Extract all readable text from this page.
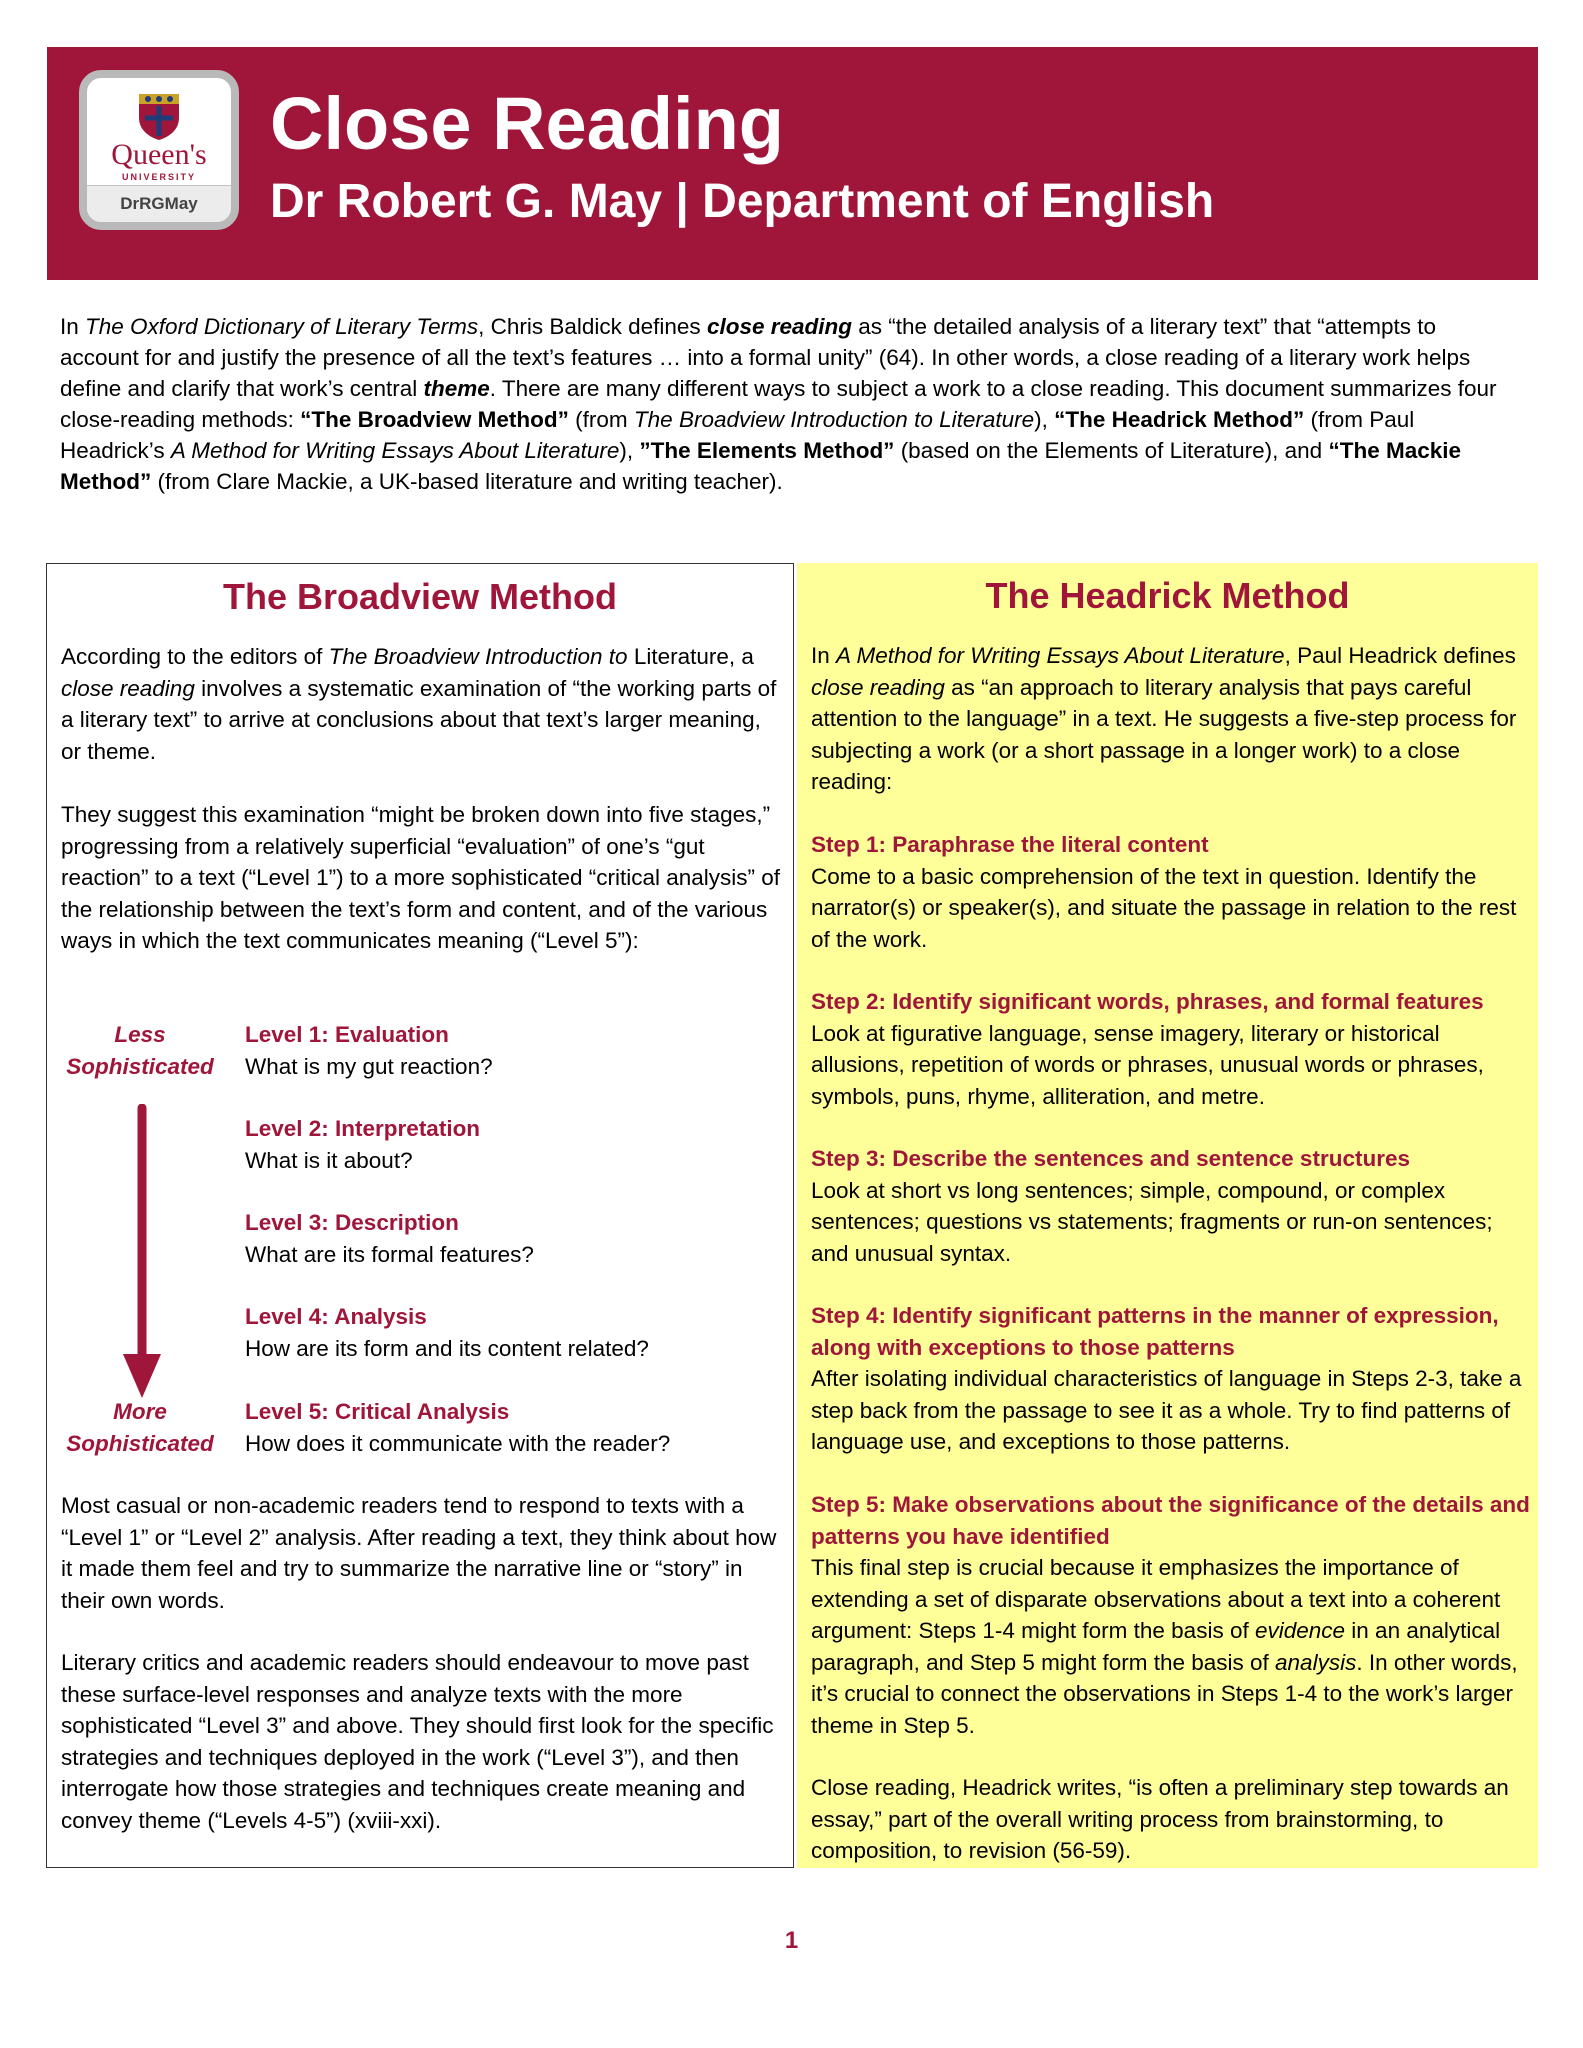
Queen's
UNIVERSITY
DrRGMay
Close Reading
Dr Robert G. May | Department of English

In The Oxford Dictionary of Literary Terms, Chris Baldick defines close reading as “the detailed analysis of a literary text” that “attempts to account for and justify the presence of all the text’s features … into a formal unity” (64). In other words, a close reading of a literary work helps define and clarify that work’s central theme. There are many different ways to subject a work to a close reading. This document summarizes four close-reading methods: “The Broadview Method” (from The Broadview Introduction to Literature), “The Headrick Method” (from Paul Headrick’s A Method for Writing Essays About Literature), ”The Elements Method” (based on the Elements of Literature), and “The Mackie Method” (from Clare Mackie, a UK-based literature and writing teacher).

The Broadview Method

According to the editors of The Broadview Introduction to Literature, a close reading involves a systematic examination of “the working parts of a literary text” to arrive at conclusions about that text’s larger meaning, or theme.

They suggest this examination “might be broken down into five stages,” progressing from a relatively superficial “evaluation” of one’s “gut reaction” to a text (“Level 1”) to a more sophisticated “critical analysis” of the relationship between the text’s form and content, and of the various ways in which the text communicates meaning (“Level 5”):

Less
Sophisticated
More
Sophisticated
Level 1: Evaluation
What is my gut reaction?
Level 2: Interpretation
What is it about?
Level 3: Description
What are its formal features?
Level 4: Analysis
How are its form and its content related?
Level 5: Critical Analysis
How does it communicate with the reader?

Most casual or non-academic readers tend to respond to texts with a “Level 1” or “Level 2” analysis. After reading a text, they think about how it made them feel and try to summarize the narrative line or “story” in their own words.

Literary critics and academic readers should endeavour to move past these surface-level responses and analyze texts with the more sophisticated “Level 3” and above. They should first look for the specific strategies and techniques deployed in the work (“Level 3”), and then interrogate how those strategies and techniques create meaning and convey theme (“Levels 4-5”) (xviii-xxi).

The Headrick Method

In A Method for Writing Essays About Literature, Paul Headrick defines close reading as “an approach to literary analysis that pays careful attention to the language” in a text. He suggests a five-step process for subjecting a work (or a short passage in a longer work) to a close reading:

Step 1: Paraphrase the literal content
Come to a basic comprehension of the text in question. Identify the narrator(s) or speaker(s), and situate the passage in relation to the rest of the work.
Step 2: Identify significant words, phrases, and formal features
Look at figurative language, sense imagery, literary or historical allusions, repetition of words or phrases, unusual words or phrases, symbols, puns, rhyme, alliteration, and metre.
Step 3: Describe the sentences and sentence structures
Look at short vs long sentences; simple, compound, or complex sentences; questions vs statements; fragments or run-on sentences; and unusual syntax.
Step 4: Identify significant patterns in the manner of expression, along with exceptions to those patterns
After isolating individual characteristics of language in Steps 2-3, take a step back from the passage to see it as a whole. Try to find patterns of language use, and exceptions to those patterns.
Step 5: Make observations about the significance of the details and patterns you have identified
This final step is crucial because it emphasizes the importance of extending a set of disparate observations about a text into a coherent argument: Steps 1-4 might form the basis of evidence in an analytical paragraph, and Step 5 might form the basis of analysis. In other words, it’s crucial to connect the observations in Steps 1-4 to the work’s larger theme in Step 5.

Close reading, Headrick writes, “is often a preliminary step towards an essay,” part of the overall writing process from brainstorming, to composition, to revision (56-59).

1
